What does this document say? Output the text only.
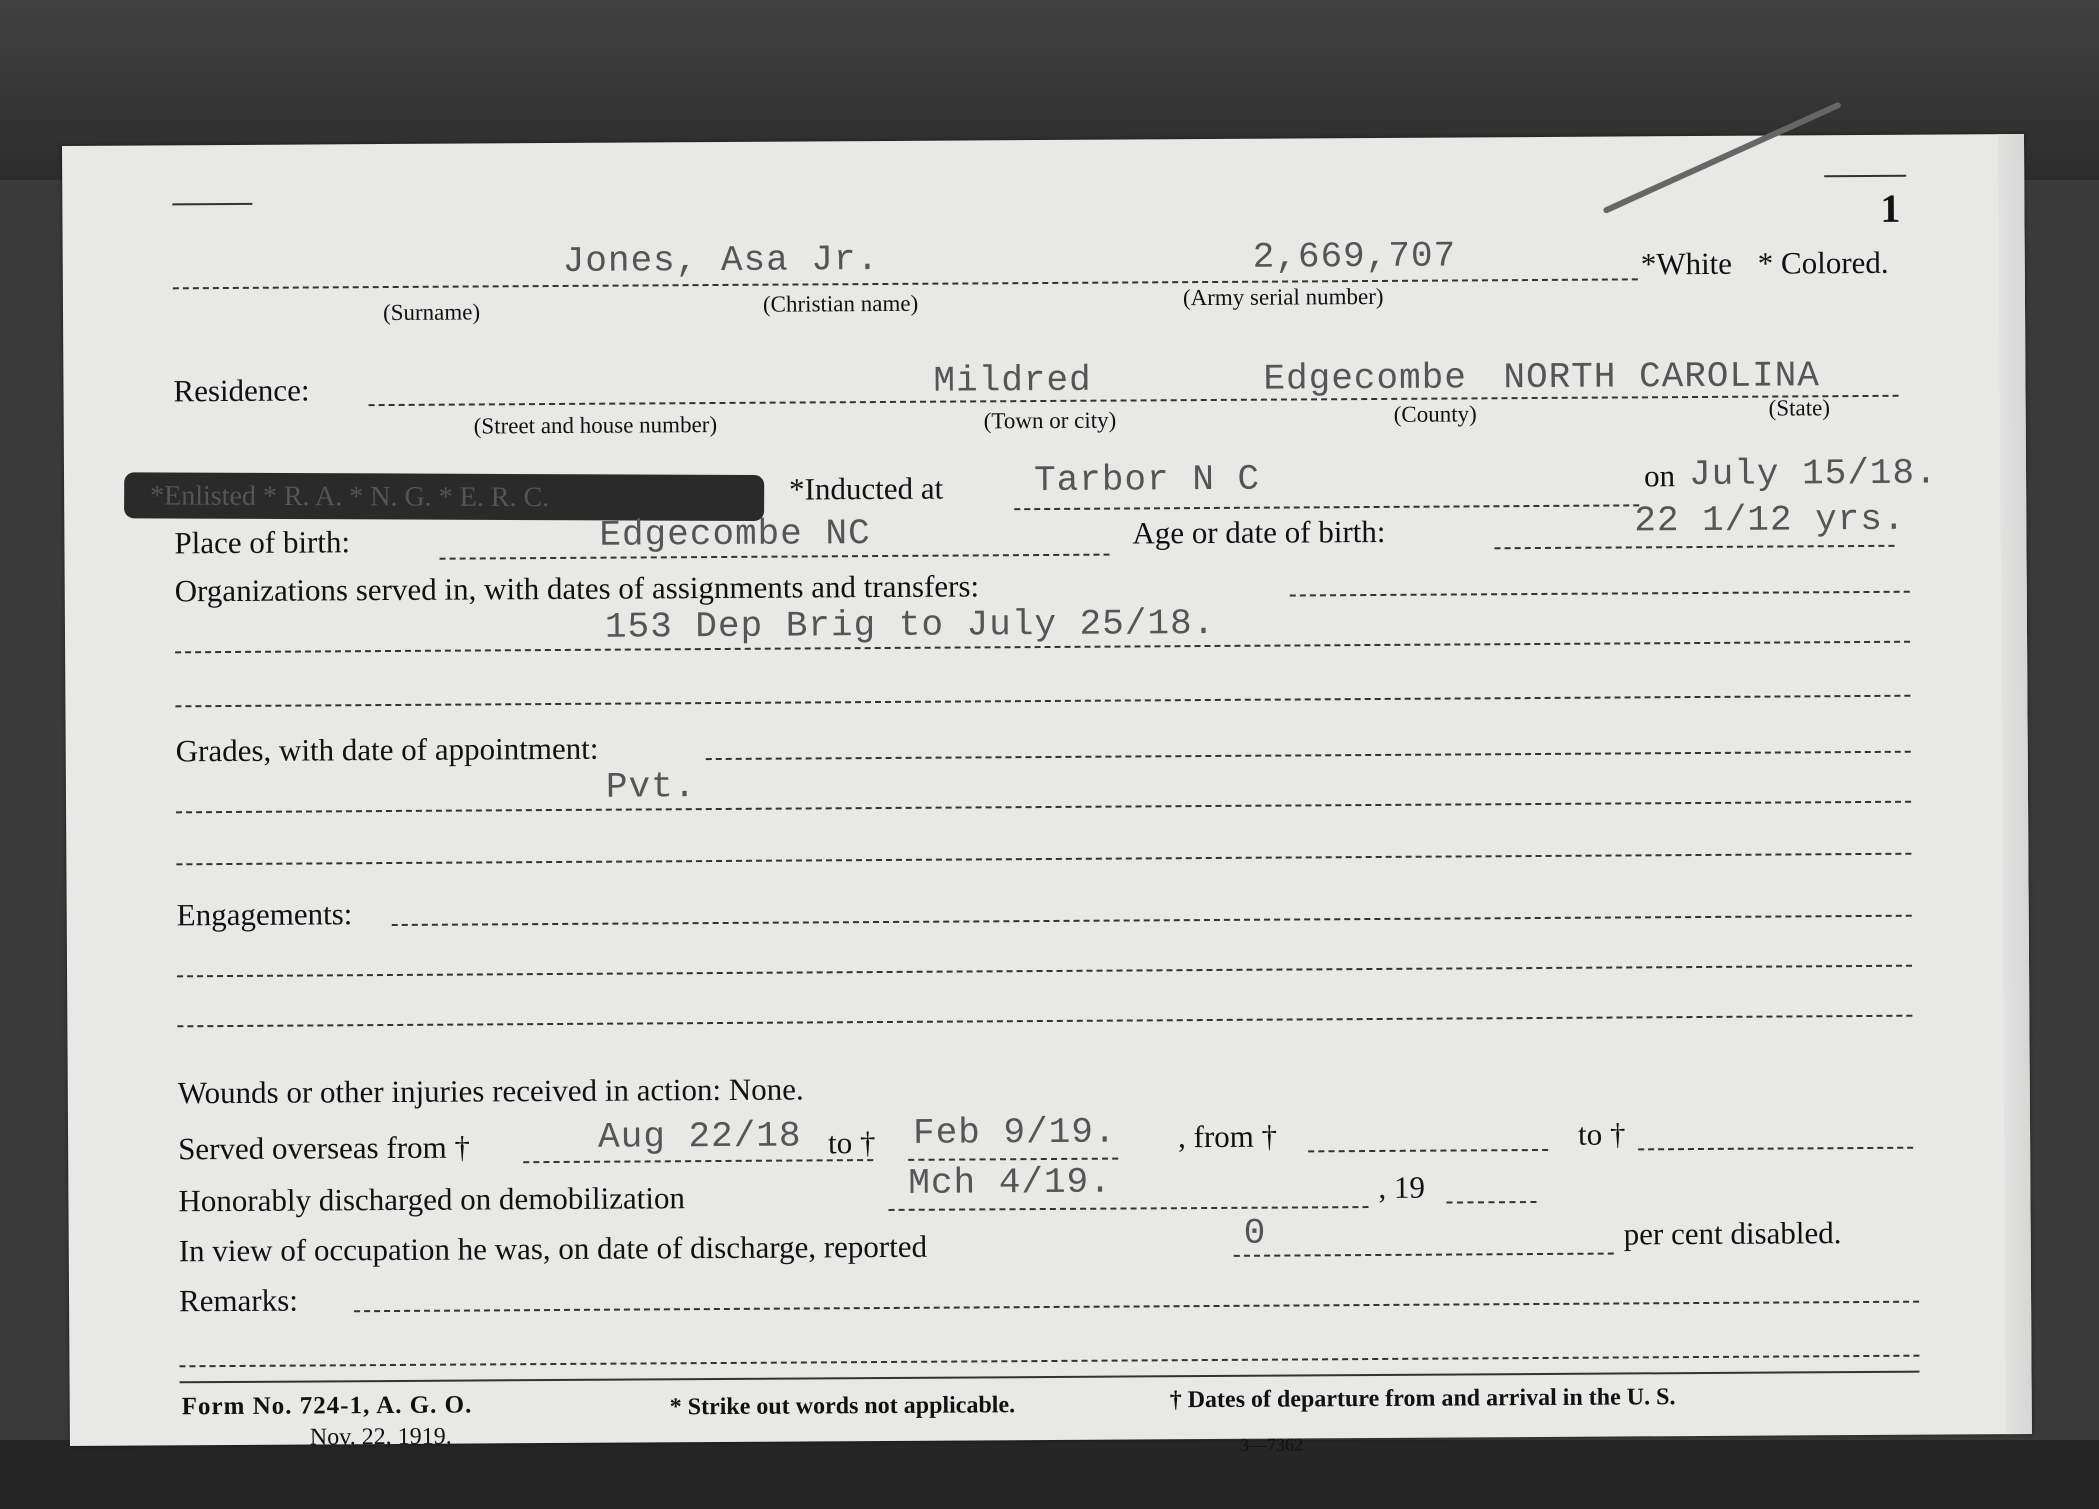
1
Jones, Asa Jr.	2,669,707	*White * Colored.
(Surname)	(Christian name)	(Army serial number)
Residence:	Mildred	Edgecombe NORTH CAROLINA
(Street and house number)	(Town or city)	(County)	(State)
*Enlisted * R. A. * N. G. * E. R. C.	*Inducted at	Tarbor N C	on July 15/18.
Place of birth:	Edgecombe NC	Age or date of birth:	22 1/12 yrs.
Organizations served in, with dates of assignments and transfers:
153 Dep Brig to July 25/18.
Grades, with date of appointment:
Pvt.
Engagements:
Wounds or other injuries received in action: None.
Served overseas from †	Aug 22/18 to † Feb 9/19. , from †	to †
Honorably discharged on demobilization	Mch 4/19.	, 19
In view of occupation he was, on date of discharge, reported	0	per cent disabled.
Remarks:
Form No. 724-1, A. G. O.
Nov. 22, 1919.
* Strike out words not applicable.	† Dates of departure from and arrival in the U. S.
3—7362
